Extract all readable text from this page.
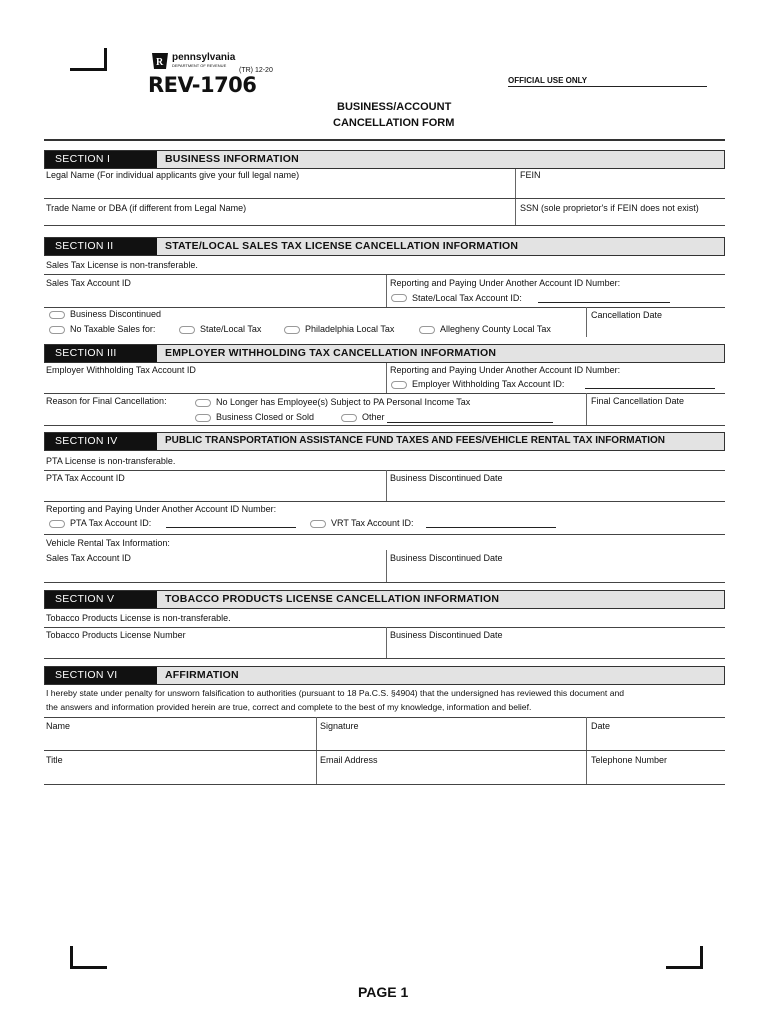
R pennsylvania
DEPARTMENT OF REVENUE
(TR) 12-20
REV-1706	OFFICIAL USE ONLY
BUSINESS/ACCOUNT
CANCELLATION FORM
SECTION I	BUSINESS INFORMATION
Legal Name (For individual applicants give your full legal name)	FEIN
Trade Name or DBA (if different from Legal Name)	SSN (sole proprietor's if FEIN does not exist)
SECTION II	STATE/LOCAL SALES TAX LICENSE CANCELLATION INFORMATION
Sales Tax License is non-transferable.
Sales Tax Account ID	Reporting and Paying Under Another Account ID Number:
State/Local Tax Account ID:
Business Discontinued
No Taxable Sales for:	State/Local Tax	Philadelphia Local Tax	Allegheny County Local Tax
Cancellation Date
SECTION III	EMPLOYER WITHHOLDING TAX CANCELLATION INFORMATION
Employer Withholding Tax Account ID	Reporting and Paying Under Another Account ID Number:
Employer Withholding Tax Account ID:
Reason for Final Cancellation:	No Longer has Employee(s) Subject to PA Personal Income Tax
Business Closed or Sold	Other
Final Cancellation Date
SECTION IV	PUBLIC TRANSPORTATION ASSISTANCE FUND TAXES AND FEES/VEHICLE RENTAL TAX INFORMATION
PTA License is non-transferable.
PTA Tax Account ID	Business Discontinued Date
Reporting and Paying Under Another Account ID Number:
PTA Tax Account ID:	VRT Tax Account ID:
Vehicle Rental Tax Information:
Sales Tax Account ID	Business Discontinued Date
SECTION V	TOBACCO PRODUCTS LICENSE CANCELLATION INFORMATION
Tobacco Products License is non-transferable.
Tobacco Products License Number	Business Discontinued Date
SECTION VI	AFFIRMATION
I hereby state under penalty for unsworn falsification to authorities (pursuant to 18 Pa.C.S. §4904) that the undersigned has reviewed this document and
the answers and information provided herein are true, correct and complete to the best of my knowledge, information and belief.
Name	Signature	Date
Title	Email Address	Telephone Number
PAGE 1
